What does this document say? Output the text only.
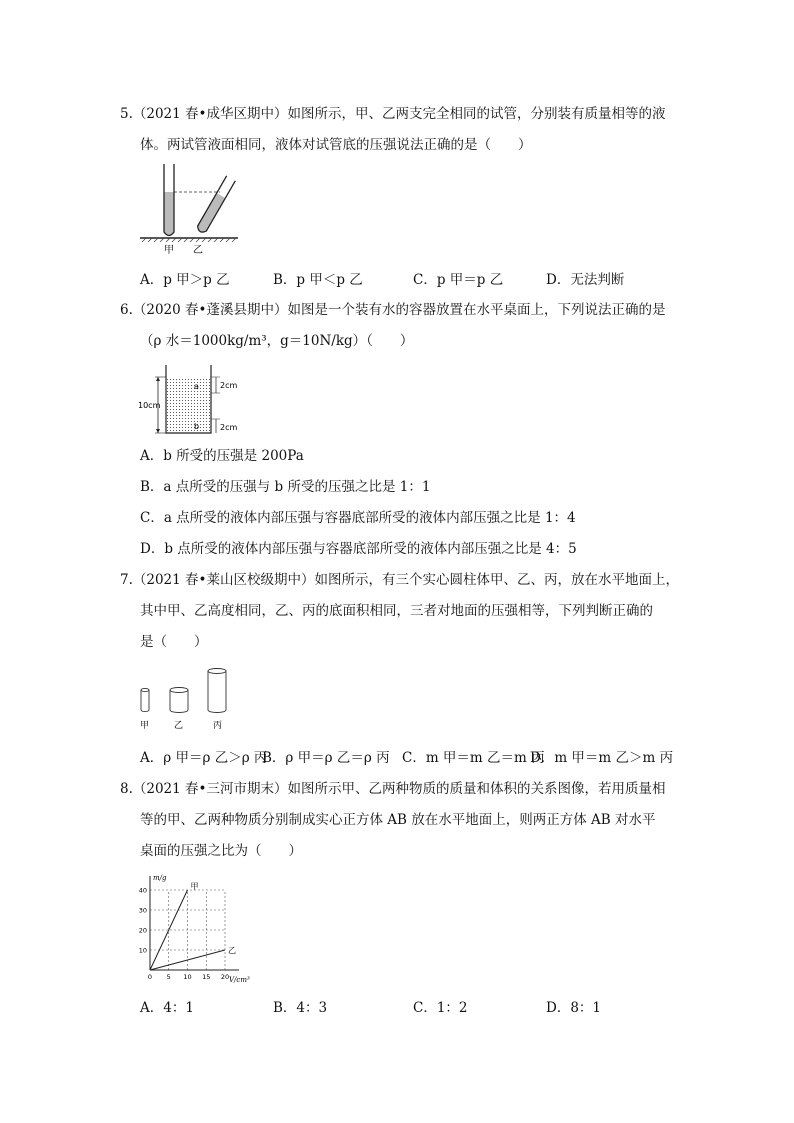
5.（2021 春•成华区期中）如图所示，甲、乙两支完全相同的试管，分别装有质量相等的液
体。两试管液面相同，液体对试管底的压强说法正确的是（　　）
甲 乙
A．p 甲＞p 乙	B．p 甲＜p 乙	C．p 甲＝p 乙	D．无法判断
6.（2020 春•蓬溪县期中）如图是一个装有水的容器放置在水平桌面上，下列说法正确的是
（ρ 水＝1000kg/m³，g＝10N/kg）（　　）
10cm
2cm
a
2cm
b
A．b 所受的压强是 200Pa
B．a 点所受的压强与 b 所受的压强之比是 1：1
C．a 点所受的液体内部压强与容器底部所受的液体内部压强之比是 1：4
D．b 点所受的液体内部压强与容器底部所受的液体内部压强之比是 4：5
7.（2021 春•莱山区校级期中）如图所示，有三个实心圆柱体甲、乙、丙，放在水平地面上，
其中甲、乙高度相同，乙、丙的底面积相同，三者对地面的压强相等，下列判断正确的
是（　　）
甲	乙	丙
A．ρ 甲＝ρ 乙＞ρ 丙
B．ρ 甲＝ρ 乙＝ρ 丙 C．m 甲＝m 乙＝m 丙
D．m 甲＝m 乙＞m 丙
8.（2021 春•三河市期末）如图所示甲、乙两种物质的质量和体积的关系图像，若用质量相
等的甲、乙两种物质分别制成实心正方体 AB 放在水平地面上，则两正方体 AB 对水平
桌面的压强之比为（　　）
10
20
30
40
0 5 10 15 20
m/g
V/cm³
甲
乙
A．4：1	B．4：3	C．1：2	D．8：1
